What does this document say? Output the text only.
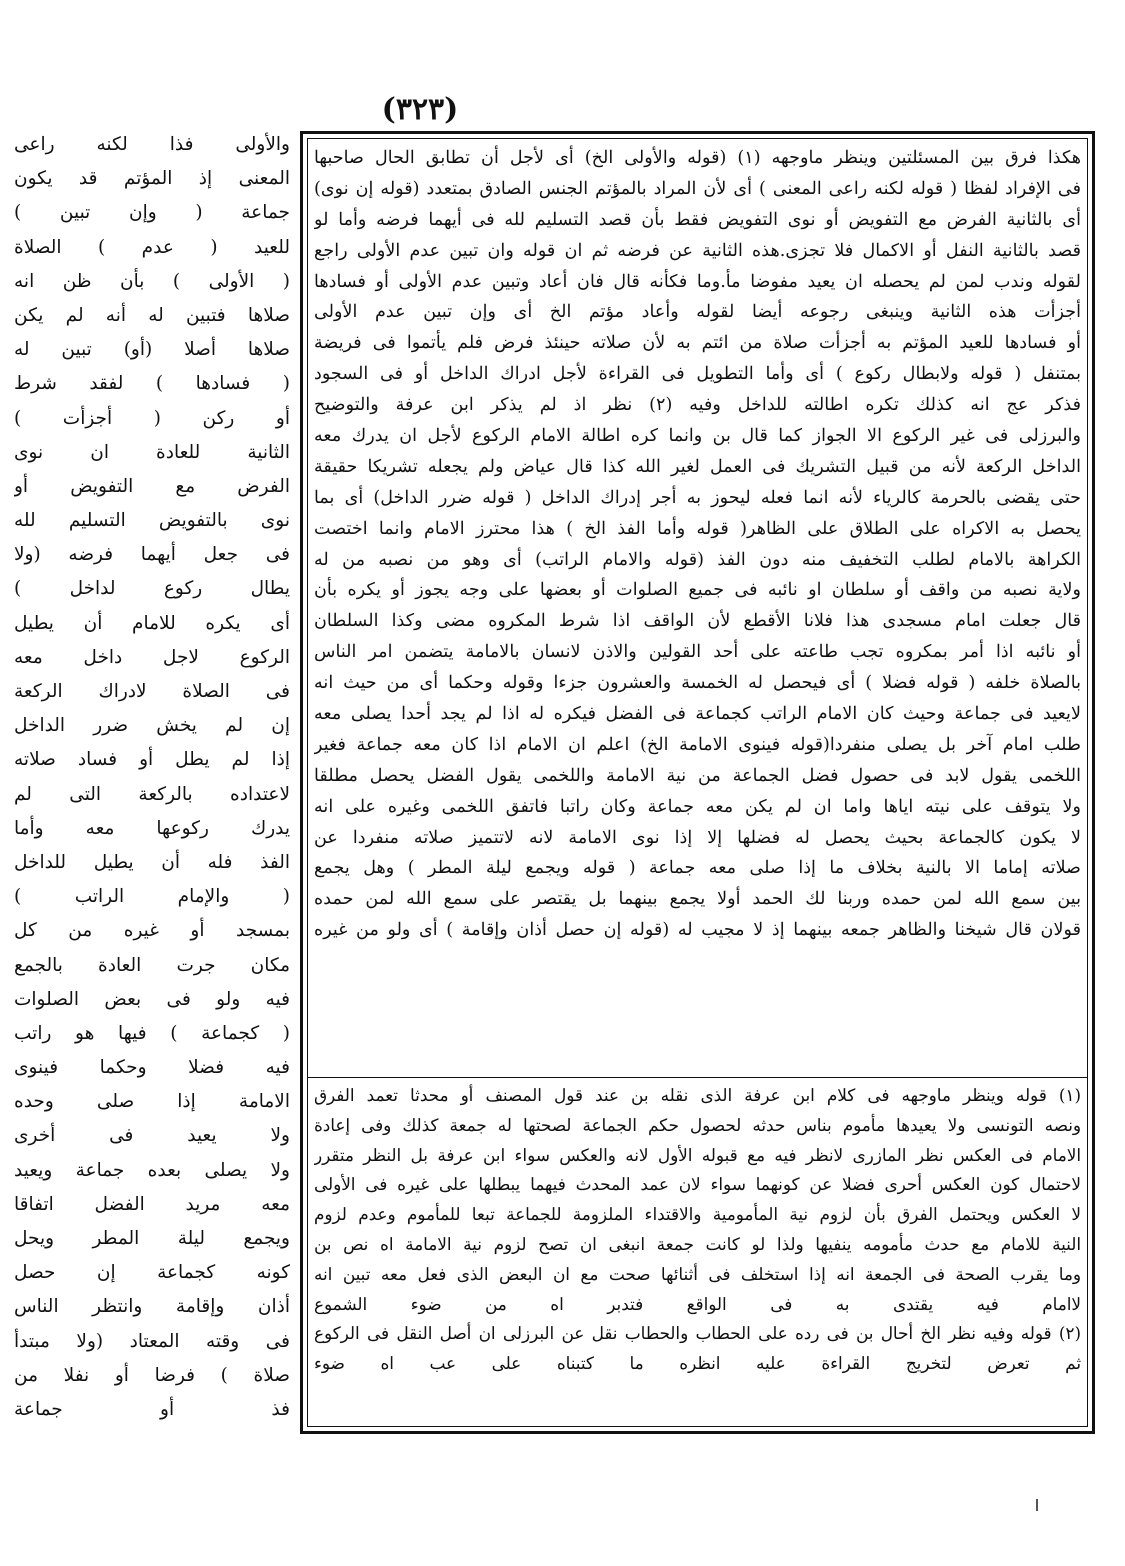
(٣٢٣)
هكذا فرق بين المسئلتين وينظر ماوجهه (١) (قوله والأولى الخ) أى لأجل أن تطابق الحال صاحبها
فى الإفراد لفظا ( قوله لكنه راعى المعنى ) أى لأن المراد بالمؤتم الجنس الصادق بمتعدد (قوله إن نوى)
أى بالثانية الفرض مع التفويض أو نوى التفويض فقط بأن قصد التسليم لله فى أيهما فرضه وأما لو
قصد بالثانية النفل أو الاكمال فلا تجزى.هذه الثانية عن فرضه ثم ان قوله وان تبين عدم الأولى راجع
لقوله وندب لمن لم يحصله ان يعيد مفوضا مأ.وما فكأنه قال فان أعاد وتبين عدم الأولى أو فسادها
أجزأت هذه الثانية وينبغى رجوعه أيضا لقوله وأعاد مؤتم الخ أى وإن تبين عدم الأولى
أو فسادها للعيد المؤتم به أجزأت صلاة من ائتم به لأن صلاته حينئذ فرض فلم يأتموا فى فريضة
بمتنفل ( قوله ولابطال ركوع ) أى وأما التطويل فى القراءة لأجل ادراك الداخل أو فى السجود
فذكر عج انه كذلك تكره اطالته للداخل وفيه (٢) نظر اذ لم يذكر ابن عرفة والتوضيح
والبرزلى فى غير الركوع الا الجواز كما قال بن وانما كره اطالة الامام الركوع لأجل ان يدرك معه
الداخل الركعة لأنه من قبيل التشريك فى العمل لغير الله كذا قال عياض ولم يجعله تشريكا حقيقة
حتى يقضى بالحرمة كالرياء لأنه انما فعله ليحوز به أجر إدراك الداخل ( قوله ضرر الداخل) أى بما
يحصل به الاكراه على الطلاق على الظاهر( قوله وأما الفذ الخ ) هذا محترز الامام وانما اختصت
الكراهة بالامام لطلب التخفيف منه دون الفذ (قوله والامام الراتب) أى وهو من نصبه من له
ولاية نصبه من واقف أو سلطان او نائبه فى جميع الصلوات أو بعضها على وجه يجوز أو يكره بأن
قال جعلت امام مسجدى هذا فلانا الأقطع لأن الواقف اذا شرط المكروه مضى وكذا السلطان
أو نائبه اذا أمر بمكروه تجب طاعته على أحد القولين والاذن لانسان بالامامة يتضمن امر الناس
بالصلاة خلفه ( قوله فضلا ) أى فيحصل له الخمسة والعشرون جزءا وقوله وحكما أى من حيث انه
لايعيد فى جماعة وحيث كان الامام الراتب كجماعة فى الفضل فيكره له اذا لم يجد أحدا يصلى معه
طلب امام آخر بل يصلى منفردا(قوله فينوى الامامة الخ) اعلم ان الامام اذا كان معه جماعة فغير
اللخمى يقول لابد فى حصول فضل الجماعة من نية الامامة واللخمى يقول الفضل يحصل مطلقا
ولا يتوقف على نيته اياها واما ان لم يكن معه جماعة وكان راتبا فاتفق اللخمى وغيره على انه
لا يكون كالجماعة بحيث يحصل له فضلها إلا إذا نوى الامامة لانه لاتتميز صلاته منفردا عن
صلاته إماما الا بالنية بخلاف ما إذا صلى معه جماعة ( قوله ويجمع ليلة المطر ) وهل يجمع
بين سمع الله لمن حمده وربنا لك الحمد أولا يجمع بينهما بل يقتصر على سمع الله لمن حمده
قولان قال شيخنا والظاهر جمعه بينهما إذ لا مجيب له (قوله إن حصل أذان وإقامة ) أى ولو من غيره
(١) قوله وينظر ماوجهه فى كلام ابن عرفة الذى نقله بن عند قول المصنف أو محدثا تعمد الفرق
ونصه التونسى ولا يعيدها مأموم بناس حدثه لحصول حكم الجماعة لصحتها له جمعة كذلك وفى إعادة
الامام فى العكس نظر المازرى لانظر فيه مع قبوله الأول لانه والعكس سواء ابن عرفة بل النظر متقرر
لاحتمال كون العكس أحرى فضلا عن كونهما سواء لان عمد المحدث فيهما يبطلها على غيره فى الأولى
لا العكس ويحتمل الفرق بأن لزوم نية المأمومية والاقتداء الملزومة للجماعة تبعا للمأموم وعدم لزوم
النية للامام مع حدث مأمومه ينفيها ولذا لو كانت جمعة انبغى ان تصح لزوم نية الامامة اه نص بن
وما يقرب الصحة فى الجمعة انه إذا استخلف فى أثنائها صحت مع ان البعض الذى فعل معه تبين انه
لاامام فيه يقتدى به فى الواقع فتدبر اه من ضوء الشموع
(٢) قوله وفيه نظر الخ أحال بن فى رده على الحطاب والحطاب نقل عن البرزلى ان أصل النقل فى الركوع
ثم تعرض لتخريج القراءة عليه انظره ما كتبناه على عب اه ضوء
والأولى فذا لكنه راعى
المعنى إذ المؤتم قد يكون
جماعة ( وإن تبين )
للعيد ( عدم ) الصلاة
( الأولى ) بأن ظن انه
صلاها فتبين له أنه لم يكن
صلاها أصلا (أو) تبين له
( فسادها ) لفقد شرط
أو ركن ( أجزأت )
الثانية للعادة ان نوى
الفرض مع التفويض أو
نوى بالتفويض التسليم لله
فى جعل أيهما فرضه (ولا
يطال ركوع لداخل )
أى يكره للامام أن يطيل
الركوع لاجل داخل معه
فى الصلاة لادراك الركعة
إن لم يخش ضرر الداخل
إذا لم يطل أو فساد صلاته
لاعتداده بالركعة التى لم
يدرك ركوعها معه وأما
الفذ فله أن يطيل للداخل
( والإمام الراتب )
بمسجد أو غيره من كل
مكان جرت العادة بالجمع
فيه ولو فى بعض الصلوات
( كجماعة ) فيها هو راتب
فيه فضلا وحكما فينوى
الامامة إذا صلى وحده
ولا يعيد فى أخرى
ولا يصلى بعده جماعة ويعيد
معه مريد الفضل اتفاقا
ويجمع ليلة المطر ويحل
كونه كجماعة إن حصل
أذان وإقامة وانتظر الناس
فى وقته المعتاد (ولا مبتدأ
صلاة ) فرضا أو نفلا من
فذ أو جماعة
